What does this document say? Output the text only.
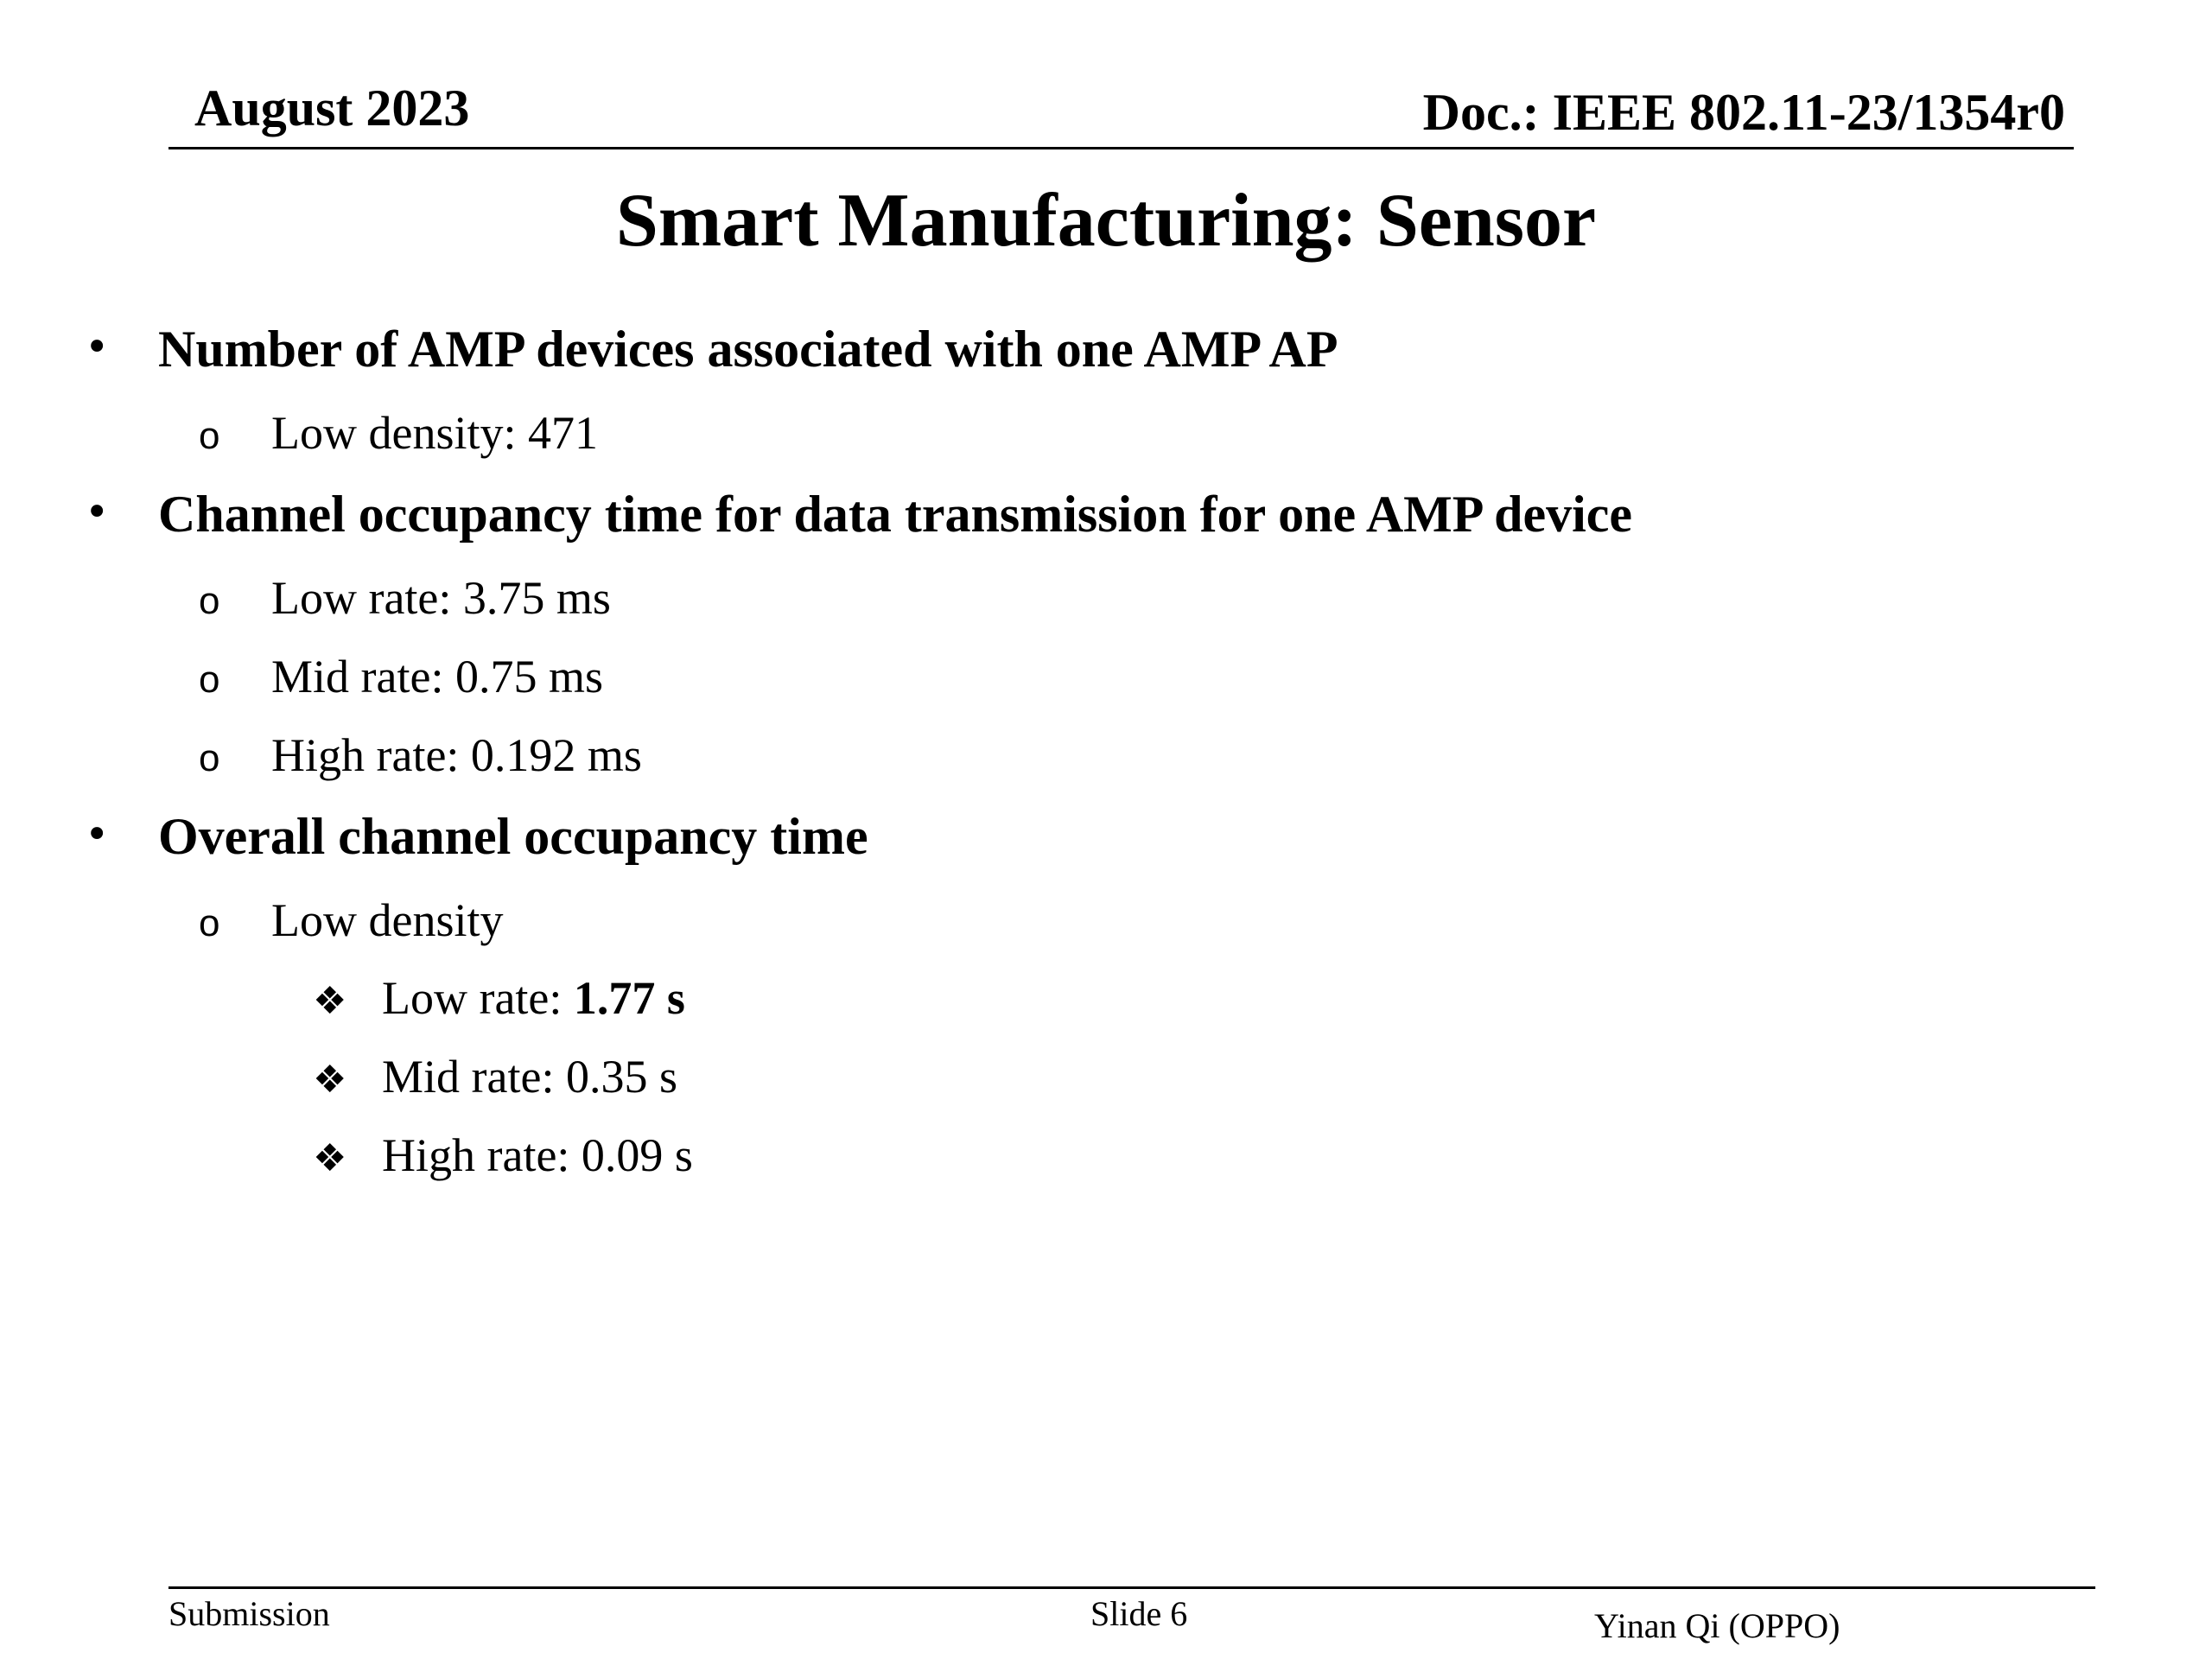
August 2023	Doc.: IEEE 802.11-23/1354r0
Smart Manufacturing: Sensor
• Number of AMP devices associated with one AMP AP
o Low density: 471
• Channel occupancy time for data transmission for one AMP device
o Low rate: 3.75 ms
o Mid rate: 0.75 ms
o High rate: 0.192 ms
• Overall channel occupancy time
o Low density
❖ Low rate: 1.77 s
❖ Mid rate: 0.35 s
❖ High rate: 0.09 s
Submission	Slide 6	Yinan Qi (OPPO)
